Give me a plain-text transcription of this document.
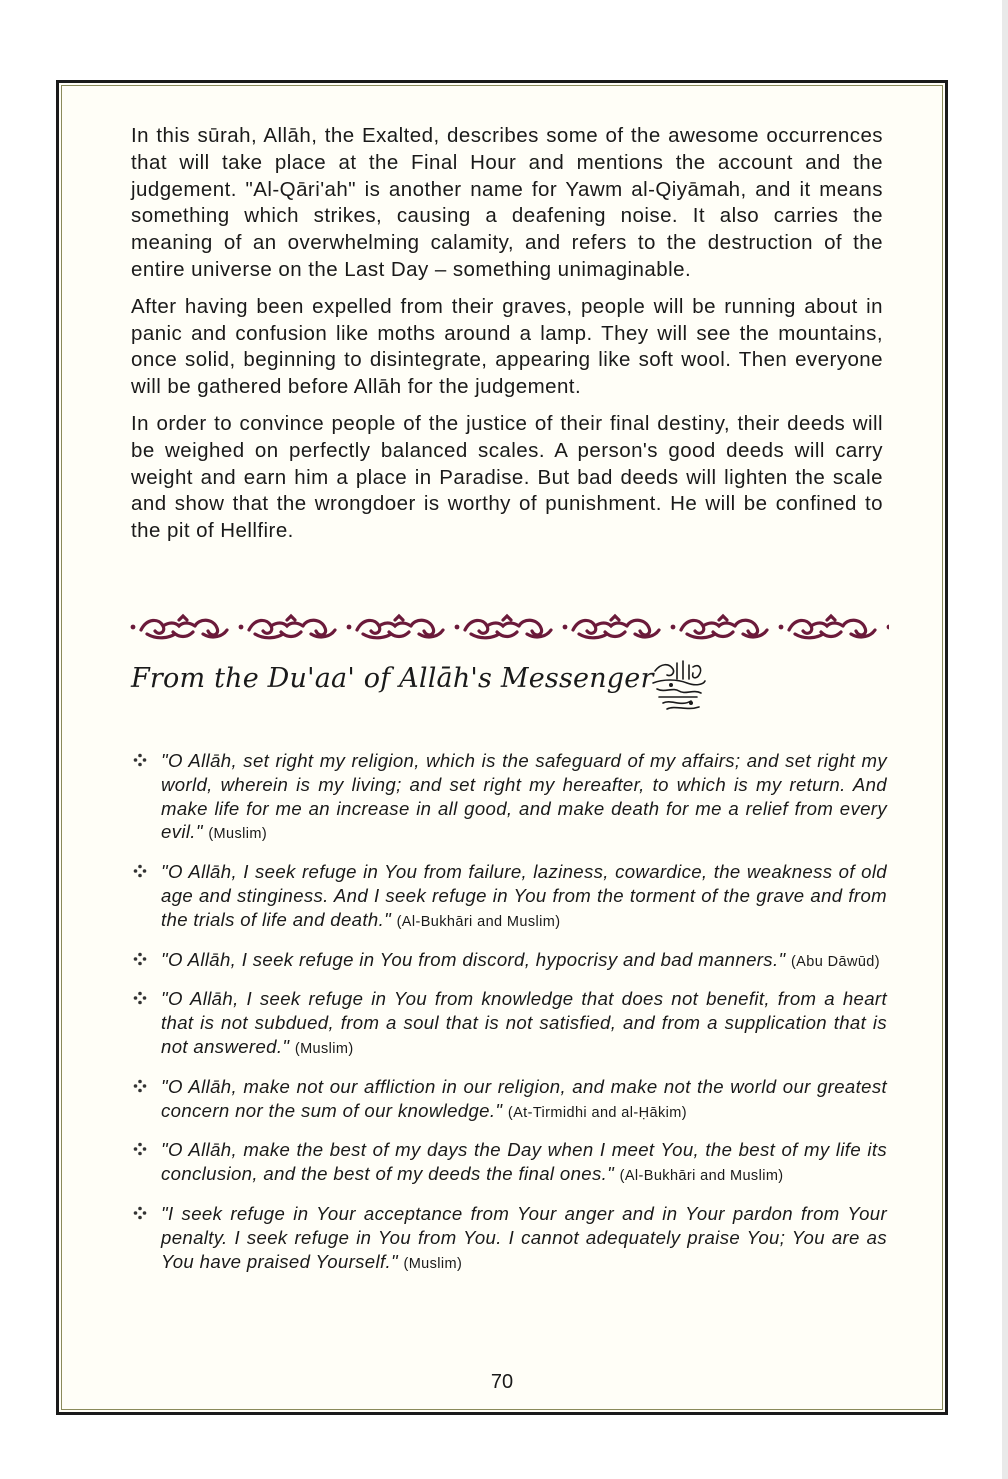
In this sūrah, Allāh, the Exalted, describes some of the awesome occurrences that will take place at the Final Hour and mentions the account and the judgement. "Al-Qāri'ah" is another name for Yawm al-Qiyāmah, and it means something which strikes, causing a deafening noise. It also carries the meaning of an overwhelming calamity, and refers to the destruction of the entire universe on the Last Day – something unimaginable.

After having been expelled from their graves, people will be running about in panic and confusion like moths around a lamp. They will see the mountains, once solid, beginning to disintegrate, appearing like soft wool. Then everyone will be gathered before Allāh for the judgement.

In order to convince people of the justice of their final destiny, their deeds will be weighed on perfectly balanced scales. A person's good deeds will carry weight and earn him a place in Paradise. But bad deeds will lighten the scale and show that the wrongdoer is worthy of punishment. He will be confined to the pit of Hellfire.

From the Du'aa' of Allāh's Messenger
"O Allāh, set right my religion, which is the safeguard of my affairs; and set right my world, wherein is my living; and set right my hereafter, to which is my return. And make life for me an increase in all good, and make death for me a relief from every evil." (Muslim)
"O Allāh, I seek refuge in You from failure, laziness, cowardice, the weakness of old age and stinginess. And I seek refuge in You from the torment of the grave and from the trials of life and death." (Al-Bukhāri and Muslim)
"O Allāh, I seek refuge in You from discord, hypocrisy and bad manners." (Abu Dāwūd)
"O Allāh, I seek refuge in You from knowledge that does not benefit, from a heart that is not subdued, from a soul that is not satisfied, and from a supplication that is not answered." (Muslim)
"O Allāh, make not our affliction in our religion, and make not the world our greatest concern nor the sum of our knowledge." (At-Tirmidhi and al-Ḥākim)
"O Allāh, make the best of my days the Day when I meet You, the best of my life its conclusion, and the best of my deeds the final ones." (Al-Bukhāri and Muslim)
"I seek refuge in Your acceptance from Your anger and in Your pardon from Your penalty. I seek refuge in You from You. I cannot adequately praise You; You are as You have praised Yourself." (Muslim)
70
